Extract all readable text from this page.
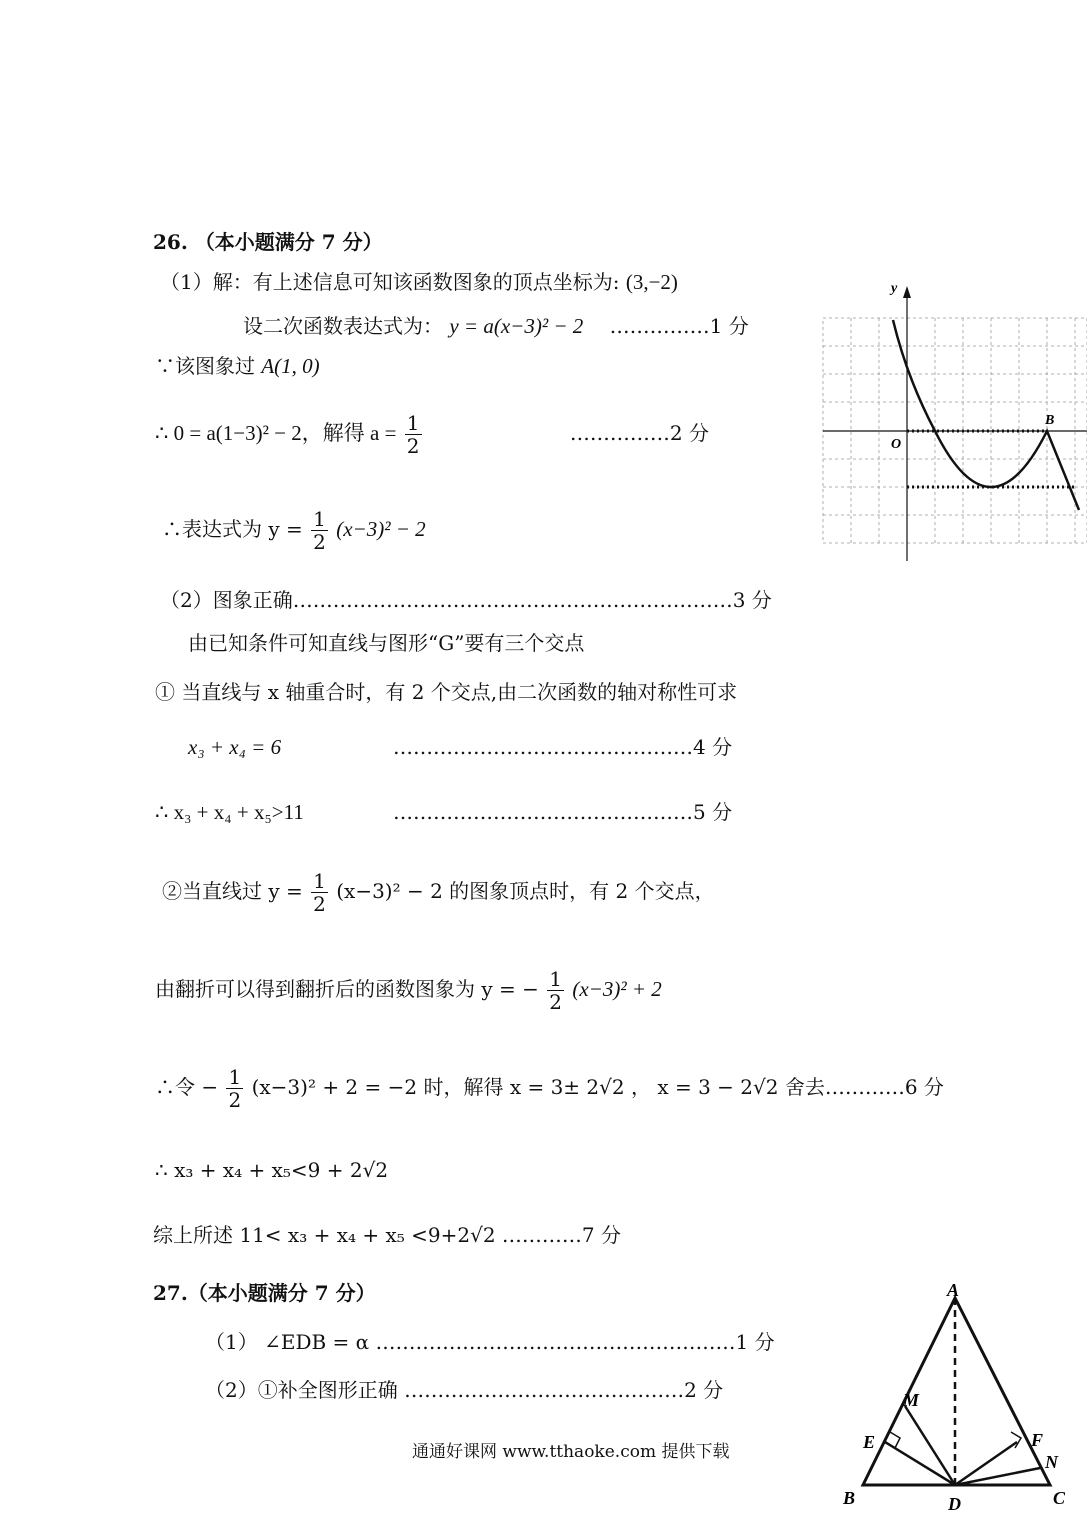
26. （本小题满分 7 分）
（1）解：有上述信息可知该函数图象的顶点坐标为: (3,−2)
设二次函数表达式为： y = a(x−3)² − 2 ……………1 分
∵该图象过 A(1, 0)
∴ 0 = a(1−3)² − 2，解得 $a = \frac{1}{2}$	……………2 分
∴表达式为 $y = \frac{1}{2} (x-3)^2 - 2$
（2）图象正确…………………………………………………………3 分
由已知条件可知直线与图形“G”要有三个交点
① 当直线与 x 轴重合时，有 2 个交点,由二次函数的轴对称性可求
x₃ + x₄ = 6	………………………………………4 分
∴ x₃ + x₄ + x₅>11	………………………………………5 分
②当直线过 $y = \frac{1}{2} (x-3)^2 - 2$ 的图象顶点时，有 2 个交点，
由翻折可以得到翻折后的函数图象为 y = − $\frac{1}{2} (x-3)^2 + 2$
∴令 − $\frac{1}{2} (x-3)^2 + 2 = -2$ 时，解得 x = 3± 2√2 ， x = 3 − 2√2 舍去…………6 分
∴ x₃ + x₄ + x₅<9 + 2√2
综上所述 11< x₃ + x₄ + x₅ <9+2√2 …………7 分
27.（本小题满分 7 分）
（1） ∠EDB = α ………………………………………………1 分
（2）①补全图形正确 ……………………………………2 分
通通好课网 www.tthaoke.com 提供下载
y
O
B
A
M
E	F
N
B	D	C
